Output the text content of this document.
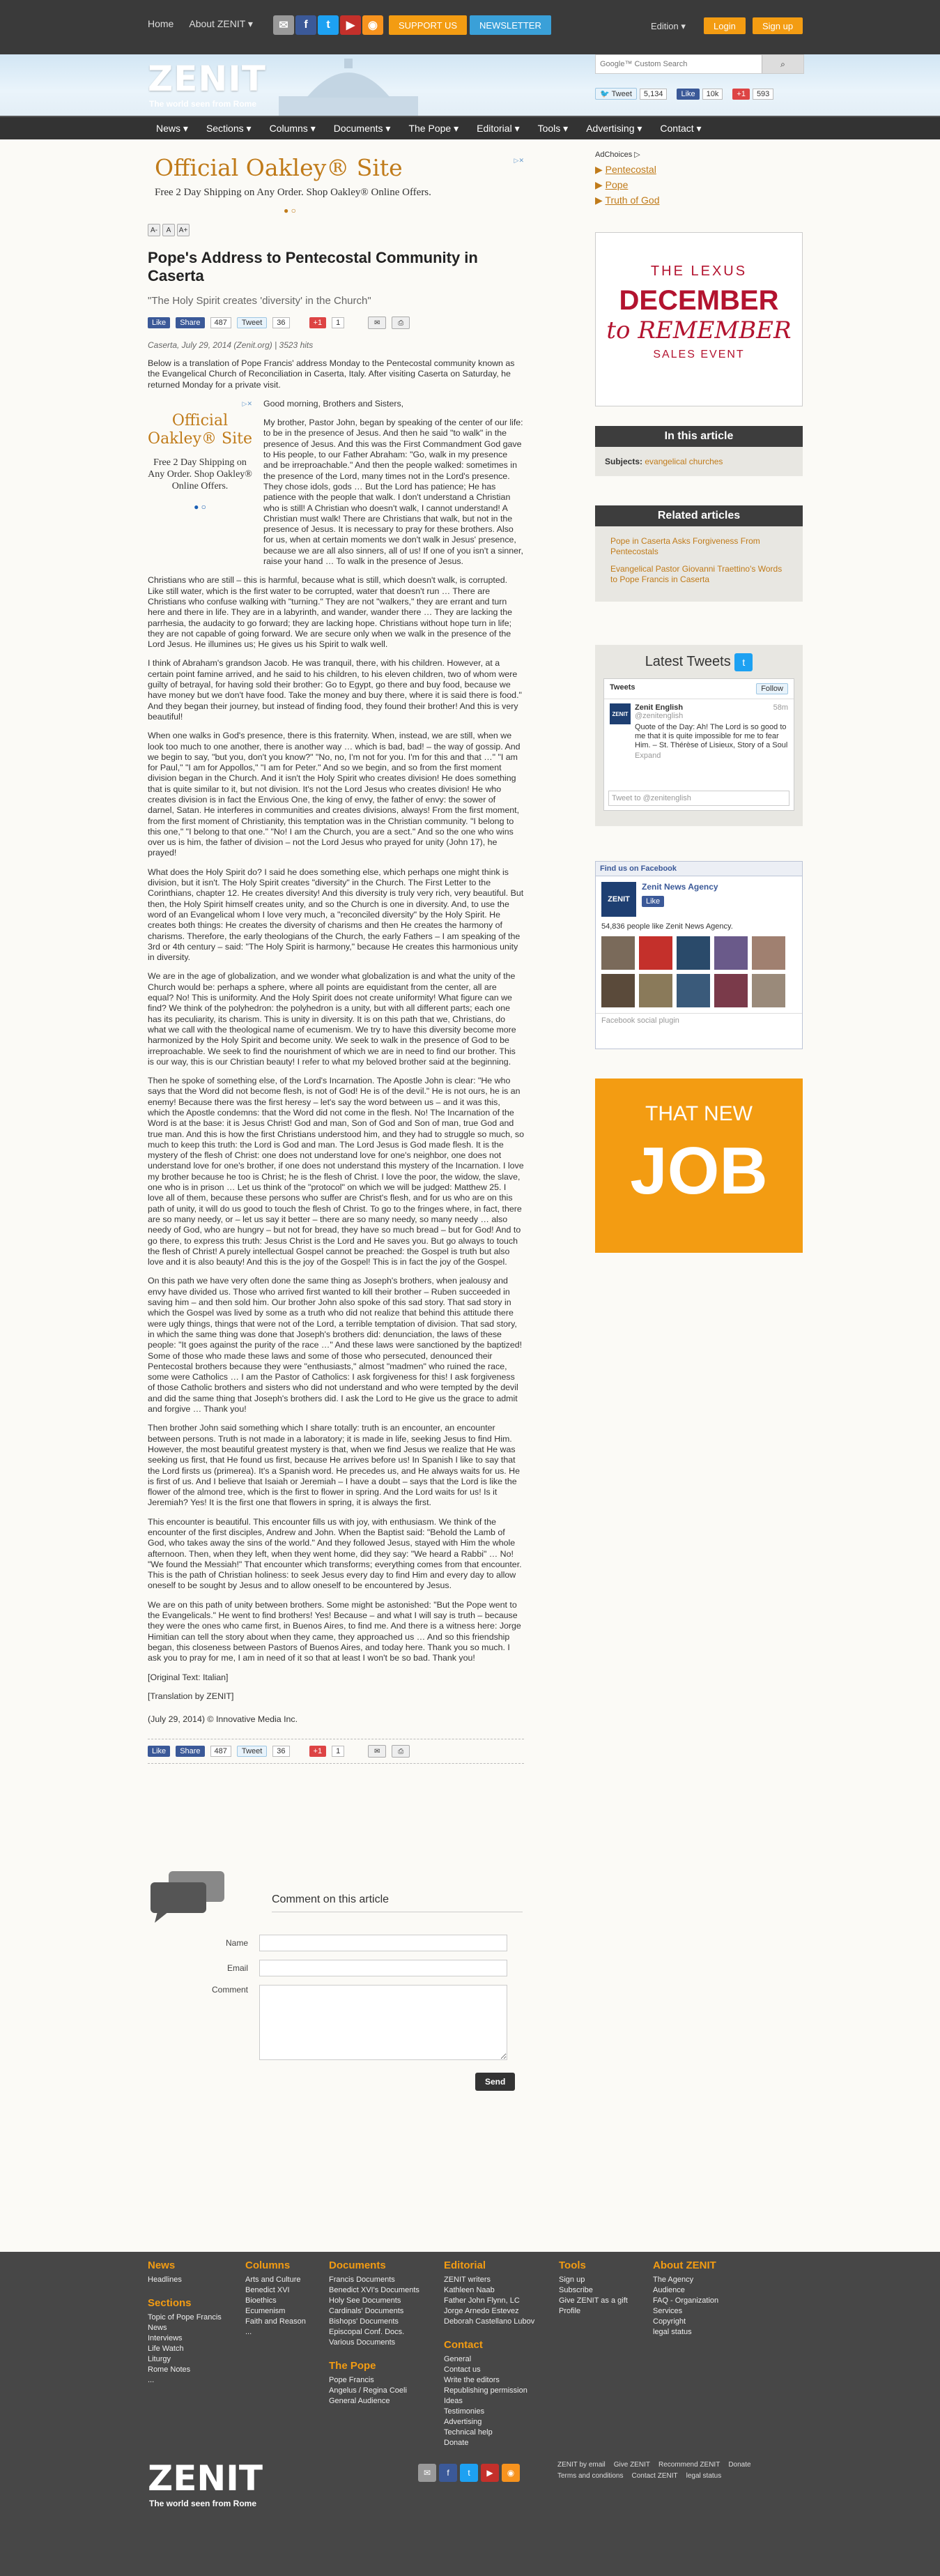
Home About ZENIT ▾	✉	f	t	▶	◉	SUPPORT US	NEWSLETTER	Edition ▾	Login	Sign up
ZENIT
The world seen from Rome
Google™ Custom Search
⌕
🐦 Tweet	5,134	Like	10k	+1	593
News ▾ Sections ▾ Columns ▾ Documents ▾ The Pope ▾ Editorial ▾ Tools ▾ Advertising ▾ Contact ▾
Official Oakley® Site
Free 2 Day Shipping on Any Order. Shop Oakley® Online Offers.
● ○
▷✕
A-	A	A+
Pope's Address to Pentecostal Community in Caserta
"The Holy Spirit creates 'diversity' in the Church"
Like	Share	487	Tweet	36	+1	1	✉	⎙
Caserta, July 29, 2014 (Zenit.org) | 3523 hits

Below is a translation of Pope Francis' address Monday to the Pentecostal community known as the Evangelical Church of Reconciliation in Caserta, Italy. After visiting Caserta on Saturday, he returned Monday for a private visit.

▷✕
Official Oakley® Site
Free 2 Day Shipping on Any Order. Shop Oakley® Online Offers.
● ○

Good morning, Brothers and Sisters,

My brother, Pastor John, began by speaking of the center of our life: to be in the presence of Jesus. And then he said "to walk" in the presence of Jesus. And this was the First Commandment God gave to His people, to our Father Abraham: "Go, walk in my presence and be irreproachable." And then the people walked: sometimes in the presence of the Lord, many times not in the Lord's presence. They chose idols, gods … But the Lord has patience; He has patience with the people that walk. I don't understand a Christian who is still! A Christian who doesn't walk, I cannot understand! A Christian must walk! There are Christians that walk, but not in the presence of Jesus. It is necessary to pray for these brothers. Also for us, when at certain moments we don't walk in Jesus' presence, because we are all also sinners, all of us! If one of you isn't a sinner, raise your hand … To walk in the presence of Jesus.

Christians who are still – this is harmful, because what is still, which doesn't walk, is corrupted. Like still water, which is the first water to be corrupted, water that doesn't run … There are Christians who confuse walking with "turning." They are not "walkers," they are errant and turn here and there in life. They are in a labyrinth, and wander, wander there … They are lacking the parrhesia, the audacity to go forward; they are lacking hope. Christians without hope turn in life; they are not capable of going forward. We are secure only when we walk in the presence of the Lord Jesus. He illumines us; He gives us his Spirit to walk well.

I think of Abraham's grandson Jacob. He was tranquil, there, with his children. However, at a certain point famine arrived, and he said to his children, to his eleven children, two of whom were guilty of betrayal, for having sold their brother: Go to Egypt, go there and buy food, because we have money but we don't have food. Take the money and buy there, where it is said there is food." And they began their journey, but instead of finding food, they found their brother! And this is very beautiful!

When one walks in God's presence, there is this fraternity. When, instead, we are still, when we look too much to one another, there is another way … which is bad, bad! – the way of gossip. And we begin to say, "but you, don't you know?" "No, no, I'm not for you. I'm for this and that …" "I am for Paul," "I am for Appollos," "I am for Peter." And so we begin, and so from the first moment division began in the Church. And it isn't the Holy Spirit who creates division! He does something that is quite similar to it, but not division. It's not the Lord Jesus who creates division! He who creates division is in fact the Envious One, the king of envy, the father of envy: the sower of darnel, Satan. He interferes in communities and creates divisions, always! From the first moment, from the first moment of Christianity, this temptation was in the Christian community. "I belong to this one," "I belong to that one." "No! I am the Church, you are a sect." And so the one who wins over us is him, the father of division – not the Lord Jesus who prayed for unity (John 17), he prayed!

What does the Holy Spirit do? I said he does something else, which perhaps one might think is division, but it isn't. The Holy Spirit creates "diversity" in the Church. The First Letter to the Corinthians, chapter 12. He creates diversity! And this diversity is truly very rich, very beautiful. But then, the Holy Spirit himself creates unity, and so the Church is one in diversity. And, to use the word of an Evangelical whom I love very much, a "reconciled diversity" by the Holy Spirit. He creates both things: He creates the diversity of charisms and then He creates the harmony of charisms. Therefore, the early theologians of the Church, the early Fathers – I am speaking of the 3rd or 4th century – said: "The Holy Spirit is harmony," because He creates this harmonious unity in diversity.

We are in the age of globalization, and we wonder what globalization is and what the unity of the Church would be: perhaps a sphere, where all points are equidistant from the center, all are equal? No! This is uniformity. And the Holy Spirit does not create uniformity! What figure can we find? We think of the polyhedron: the polyhedron is a unity, but with all different parts; each one has its peculiarity, its charism. This is unity in diversity. It is on this path that we, Christians, do what we call with the theological name of ecumenism. We try to have this diversity become more harmonized by the Holy Spirit and become unity. We seek to walk in the presence of God to be irreproachable. We seek to find the nourishment of which we are in need to find our brother. This is our way, this is our Christian beauty! I refer to what my beloved brother said at the beginning.

Then he spoke of something else, of the Lord's Incarnation. The Apostle John is clear: "He who says that the Word did not become flesh, is not of God! He is of the devil." He is not ours, he is an enemy! Because there was the first heresy – let's say the word between us – and it was this, which the Apostle condemns: that the Word did not come in the flesh. No! The Incarnation of the Word is at the base: it is Jesus Christ! God and man, Son of God and Son of man, true God and true man. And this is how the first Christians understood him, and they had to struggle so much, so much to keep this truth: the Lord is God and man. The Lord Jesus is God made flesh. It is the mystery of the flesh of Christ: one does not understand love for one's neighbor, one does not understand love for one's brother, if one does not understand this mystery of the Incarnation. I love my brother because he too is Christ; he is the flesh of Christ. I love the poor, the widow, the slave, one who is in prison … Let us think of the "protocol" on which we will be judged: Matthew 25. I love all of them, because these persons who suffer are Christ's flesh, and for us who are on this path of unity, it will do us good to touch the flesh of Christ. To go to the fringes where, in fact, there are so many needy, or – let us say it better – there are so many needy, so many needy … also needy of God, who are hungry – but not for bread, they have so much bread – but for God! And to go there, to express this truth: Jesus Christ is the Lord and He saves you. But go always to touch the flesh of Christ! A purely intellectual Gospel cannot be preached: the Gospel is truth but also love and it is also beauty! And this is the joy of the Gospel! This is in fact the joy of the Gospel.

On this path we have very often done the same thing as Joseph's brothers, when jealousy and envy have divided us. Those who arrived first wanted to kill their brother – Ruben succeeded in saving him – and then sold him. Our brother John also spoke of this sad story. That sad story in which the Gospel was lived by some as a truth who did not realize that behind this attitude there were ugly things, things that were not of the Lord, a terrible temptation of division. That sad story, in which the same thing was done that Joseph's brothers did: denunciation, the laws of these people: "It goes against the purity of the race …" And these laws were sanctioned by the baptized! Some of those who made these laws and some of those who persecuted, denounced their Pentecostal brothers because they were "enthusiasts," almost "madmen" who ruined the race, some were Catholics … I am the Pastor of Catholics: I ask forgiveness for this! I ask forgiveness of those Catholic brothers and sisters who did not understand and who were tempted by the devil and did the same thing that Joseph's brothers did. I ask the Lord to He give us the grace to admit and forgive … Thank you!

Then brother John said something which I share totally: truth is an encounter, an encounter between persons. Truth is not made in a laboratory; it is made in life, seeking Jesus to find Him. However, the most beautiful greatest mystery is that, when we find Jesus we realize that He was seeking us first, that He found us first, because He arrives before us! In Spanish I like to say that the Lord firsts us (primerea). It's a Spanish word. He precedes us, and He always waits for us. He is first of us. And I believe that Isaiah or Jeremiah – I have a doubt – says that the Lord is like the flower of the almond tree, which is the first to flower in spring. And the Lord waits for us! Is it Jeremiah? Yes! It is the first one that flowers in spring, it is always the first.

This encounter is beautiful. This encounter fills us with joy, with enthusiasm. We think of the encounter of the first disciples, Andrew and John. When the Baptist said: "Behold the Lamb of God, who takes away the sins of the world." And they followed Jesus, stayed with Him the whole afternoon. Then, when they left, when they went home, did they say: "We heard a Rabbi" … No! "We found the Messiah!" That encounter which transforms; everything comes from that encounter. This is the path of Christian holiness: to seek Jesus every day to find Him and every day to allow oneself to be sought by Jesus and to allow oneself to be encountered by Jesus.

We are on this path of unity between brothers. Some might be astonished: "But the Pope went to the Evangelicals." He went to find brothers! Yes! Because – and what I will say is truth – because they were the ones who came first, in Buenos Aires, to find me. And there is a witness here: Jorge Himitian can tell the story about when they came, they approached us … And so this friendship began, this closeness between Pastors of Buenos Aires, and today here. Thank you so much. I ask you to pray for me, I am in need of it so that at least I won't be so bad. Thank you!

[Original Text: Italian]

[Translation by ZENIT]

(July 29, 2014) © Innovative Media Inc.

Like	Share	487	Tweet	36	+1	1	✉	⎙
Comment on this article
Name
Email
Comment
Send
AdChoices ▷
▶ Pentecostal
▶ Pope
▶ Truth of God
THE LEXUS
DECEMBER
to REMEMBER
SALES EVENT
In this article
Subjects: evangelical churches
Related articles
Pope in Caserta Asks Forgiveness From Pentecostals
Evangelical Pastor Giovanni Traettino's Words to Pope Francis in Caserta
Latest Tweets t
Tweets	Follow
ZENIT
Zenit English	58m

@zenitenglish
Quote of the Day: Ah! The Lord is so good to me that it is quite impossible for me to fear Him. – St. Thérèse of Lisieux, Story of a Soul
Expand
Tweet to @zenitenglish
Find us on Facebook
ZENIT
Zenit News Agency
Like
54,836 people like Zenit News Agency.
Facebook social plugin
THAT NEW
JOB
News
Headlines
Sections
Topic of Pope Francis
News
Interviews
Life Watch
Liturgy
Rome Notes
...
Columns
Arts and Culture
Benedict XVI
Bioethics
Ecumenism
Faith and Reason
...
Documents
Francis Documents
Benedict XVI's Documents
Holy See Documents
Cardinals' Documents
Bishops' Documents
Episcopal Conf. Docs.
Various Documents
The Pope
Pope Francis
Angelus / Regina Coeli
General Audience
Editorial
ZENIT writers
Kathleen Naab
Father John Flynn, LC
Jorge Arnedo Estevez
Deborah Castellano Lubov
Contact
General
Contact us
Write the editors
Republishing permission
Ideas
Testimonies
Advertising
Technical help
Donate
Tools
Sign up
Subscribe
Give ZENIT as a gift
Profile
About ZENIT
The Agency
Audience
FAQ - Organization
Services
Copyright
legal status
ZENIT
The world seen from Rome
✉	f	t	▶	◉
ZENIT by email Give ZENIT Recommend ZENIT Donate
Terms and conditions Contact ZENIT legal status
